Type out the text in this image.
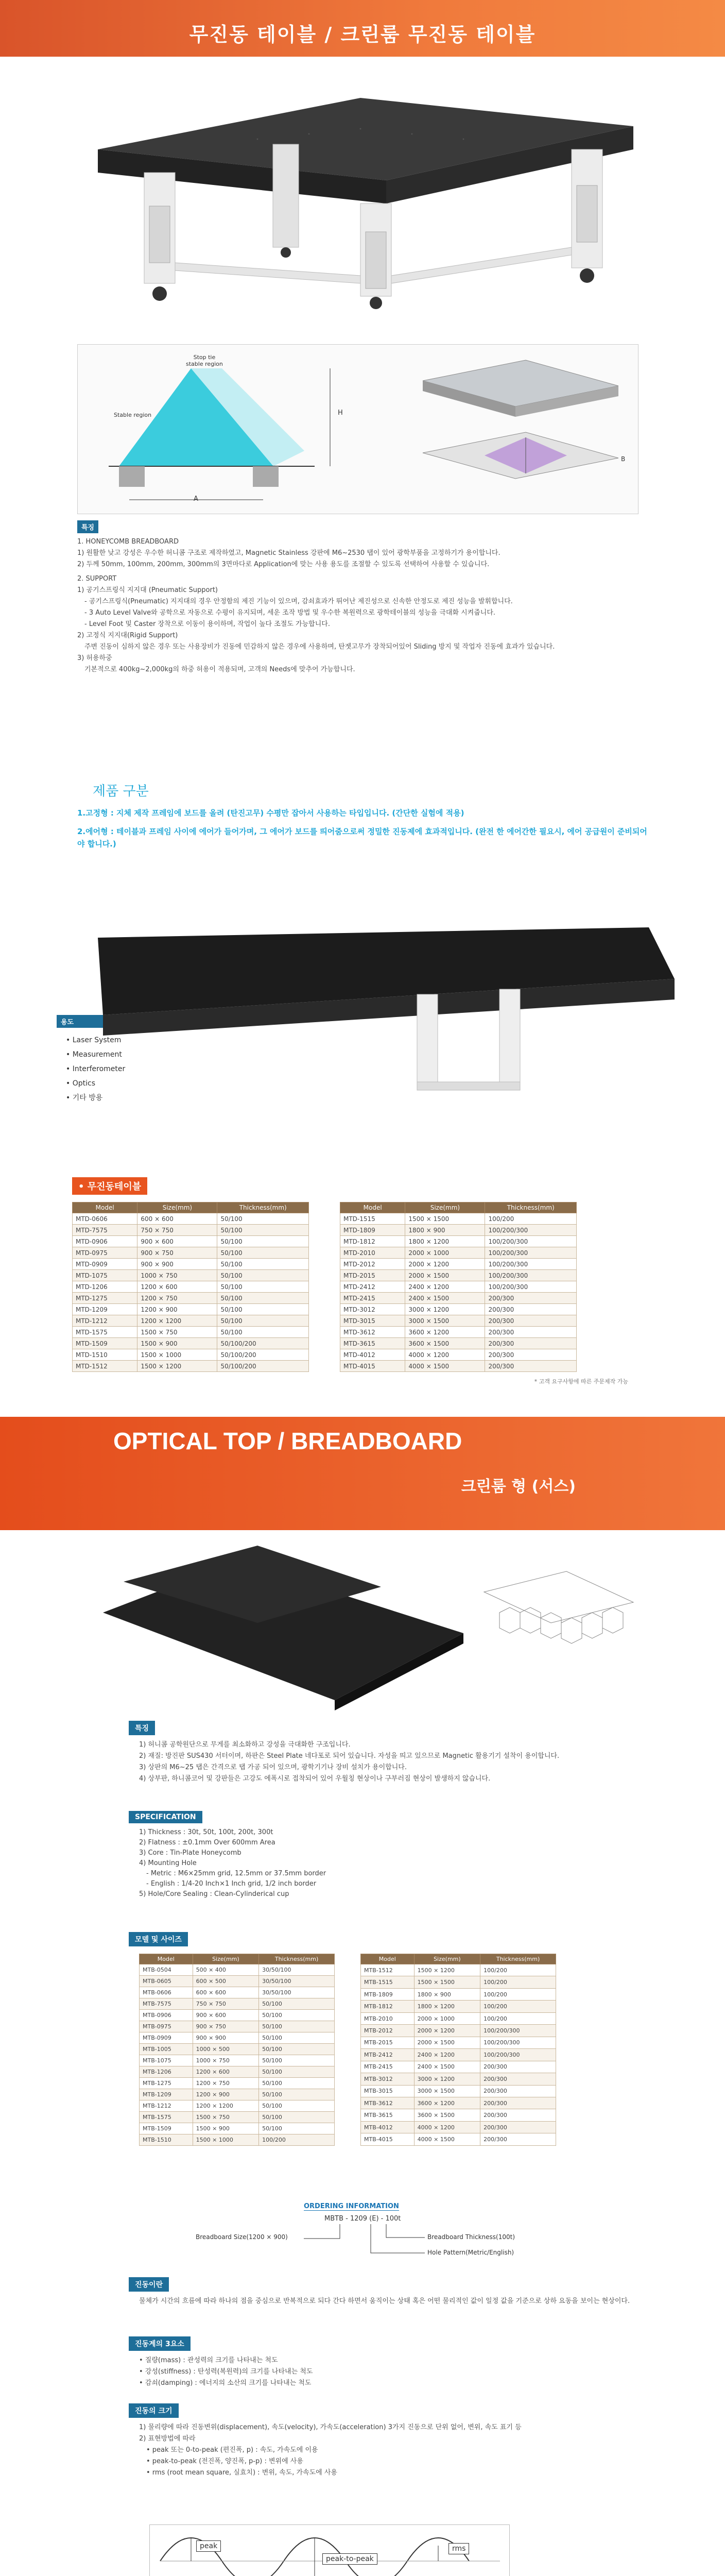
무진동 테이블 / 크린룸 무진동 테이블
Stop tie
stable region
Stable region	H
A
B
특징
1. HONEYCOMB BREADBOARD
1) 원활한 낮고 강성은 우수한 허니콤 구조로 제작하였고, Magnetic Stainless 강판에 M6~2530 탭이 있어 광학부품을 고정하기가 용이합니다.
2) 두께 50mm, 100mm, 200mm, 300mm의 3면마다로 Application에 맞는 사용 용도를 조절할 수 있도록 선택하여 사용할 수 있습니다.
2. SUPPORT
1) 공기스프링식 지지대 (Pneumatic Support)
- 공기스프링식(Pneumatic) 지지대의 경우 안정함의 제진 기능이 있으며, 감쇠효과가 뛰어난 제진성으로 신속한 안정도로 제진 성능을 발휘합니다.
- 3 Auto Level Valve와 공학으로 자동으로 수평이 유지되며, 세운 조작 방법 및 우수한 복원력으로 광학테이블의 성능을 극대화 시켜줍니다.
- Level Foot 및 Caster 장착으로 이동이 용이하며, 작업이 높다 조절도 가능합니다.
2) 고정식 지지대(Rigid Support)
주변 진동이 심하지 않은 경우 또는 사용장비가 진동에 민감하지 않은 경우에 사용하며, 탄젯고무가 장착되어있어 Sliding 방지 및 작업자 진동에 효과가 있습니다.
3) 허용하중
기본적으로 400kg~2,000kg의 하중 허용이 적용되며, 고객의 Needs에 맞추어 가능합니다.
제품 구분
1.고정형 : 지체 제작 프레임에 보드를 올려 (탄진고무) 수평만 잡아서 사용하는 타입입니다. (간단한 실험에 적용)
2.에어형 : 테이블과 프레임 사이에 에어가 들어가며, 그 에어가 보드를 띄어줌으로써 정밀한 진동제에 효과적입니다. (완전 한 에어간한 필요시, 에어 공급원이 준비되어야 합니다.)
용도
• Laser System
• Measurement
• Interferometer
• Optics
• 기타 방용
• 무진동테이블
Model	Size(mm)	Thickness(mm)
MTD-0606	600 × 600	50/100
MTD-7575	750 × 750	50/100
MTD-0906	900 × 600	50/100
MTD-0975	900 × 750	50/100
MTD-0909	900 × 900	50/100
MTD-1075	1000 × 750	50/100
MTD-1206	1200 × 600	50/100
MTD-1275	1200 × 750	50/100
MTD-1209	1200 × 900	50/100
MTD-1212	1200 × 1200	50/100
MTD-1575	1500 × 750	50/100
MTD-1509	1500 × 900	50/100/200
MTD-1510	1500 × 1000	50/100/200
MTD-1512	1500 × 1200	50/100/200
Model	Size(mm)	Thickness(mm)
MTD-1515	1500 × 1500	100/200
MTD-1809	1800 × 900	100/200/300
MTD-1812	1800 × 1200	100/200/300
MTD-2010	2000 × 1000	100/200/300
MTD-2012	2000 × 1200	100/200/300
MTD-2015	2000 × 1500	100/200/300
MTD-2412	2400 × 1200	100/200/300
MTD-2415	2400 × 1500	200/300
MTD-3012	3000 × 1200	200/300
MTD-3015	3000 × 1500	200/300
MTD-3612	3600 × 1200	200/300
MTD-3615	3600 × 1500	200/300
MTD-4012	4000 × 1200	200/300
MTD-4015	4000 × 1500	200/300
* 고객 요구사항에 따른 주문제작 가능
OPTICAL TOP / BREADBOARD
크린룸 형 (서스)
특징
1) 허니콤 공학원단으로 무게를 최소화하고 강성을 극대화한 구조입니다.
2) 재질: 방진판 SUS430 서터이며, 하판은 Steel Plate 네다포로 되어 있습니다. 자성을 띄고 있으므로 Magnetic 활용기기 설착이 용이합니다.
3) 상판의 M6~25 탭은 간격으로 탭 가공 되어 있으며, 광학기기나 장비 설치가 용이합니다.
4) 상부판, 하니콤코어 및 강판들은 고강도 에폭시로 접착되어 있어 우월칭 현상이나 구부러짐 현상이 발생하지 않습니다.
SPECIFICATION
1) Thickness : 30t, 50t, 100t, 200t, 300t
2) Flatness : ±0.1mm Over 600mm Area
3) Core : Tin-Plate Honeycomb
4) Mounting Hole
- Metric : M6×25mm grid, 12.5mm or 37.5mm border
- English : 1/4-20 Inch×1 Inch grid, 1/2 inch border
5) Hole/Core Sealing : Clean-Cylinderical cup
모델 및 사이즈
Model	Size(mm)	Thickness(mm)
MTB-0504	500 × 400	30/50/100
MTB-0605	600 × 500	30/50/100
MTB-0606	600 × 600	30/50/100
MTB-7575	750 × 750	50/100
MTB-0906	900 × 600	50/100
MTB-0975	900 × 750	50/100
MTB-0909	900 × 900	50/100
MTB-1005	1000 × 500	50/100
MTB-1075	1000 × 750	50/100
MTB-1206	1200 × 600	50/100
MTB-1275	1200 × 750	50/100
MTB-1209	1200 × 900	50/100
MTB-1212	1200 × 1200	50/100
MTB-1575	1500 × 750	50/100
MTB-1509	1500 × 900	50/100
MTB-1510	1500 × 1000	100/200
Model	Size(mm)	Thickness(mm)
MTB-1512	1500 × 1200	100/200
MTB-1515	1500 × 1500	100/200
MTB-1809	1800 × 900	100/200
MTB-1812	1800 × 1200	100/200
MTB-2010	2000 × 1000	100/200
MTB-2012	2000 × 1200	100/200/300
MTB-2015	2000 × 1500	100/200/300
MTB-2412	2400 × 1200	100/200/300
MTB-2415	2400 × 1500	200/300
MTB-3012	3000 × 1200	200/300
MTB-3015	3000 × 1500	200/300
MTB-3612	3600 × 1200	200/300
MTB-3615	3600 × 1500	200/300
MTB-4012	4000 × 1200	200/300
MTB-4015	4000 × 1500	200/300
ORDERING INFORMATION
MBTB - 1209 (E) - 100t
Breadboard Size(1200 × 900)	Breadboard Thickness(100t)
Hole Pattern(Metric/English)
진동이란
물체가 시간의 흐름에 따라 하나의 점을 중심으로 반복적으로 되다 간다 하면서 움직이는 상태 혹은 어떤 물리적인 값이 일정 값을 기준으로 상하 요동을 보이는 현상이다.
진동계의 3요소
• 질량(mass) : 관성력의 크기를 나타내는 척도
• 강성(stiffness) : 탄성력(복원력)의 크기를 나타내는 척도
• 감쇠(damping) : 에너지의 소산의 크기를 나타내는 척도
진동의 크기
1) 물리량에 따라 진동변위(displacement), 속도(velocity), 가속도(acceleration) 3가지 진동으로 단위 없어, 변위, 속도 표기 등
2) 표현방법에 따라
• peak 또는 0-to-peak (편진폭, p) : 속도, 가속도에 이용
• peak-to-peak (전진폭, 양진폭, p-p) : 변위에 사용
• rms (root mean square, 실효치) : 변위, 속도, 가속도에 사용
peak
peak-to-peak
rms
